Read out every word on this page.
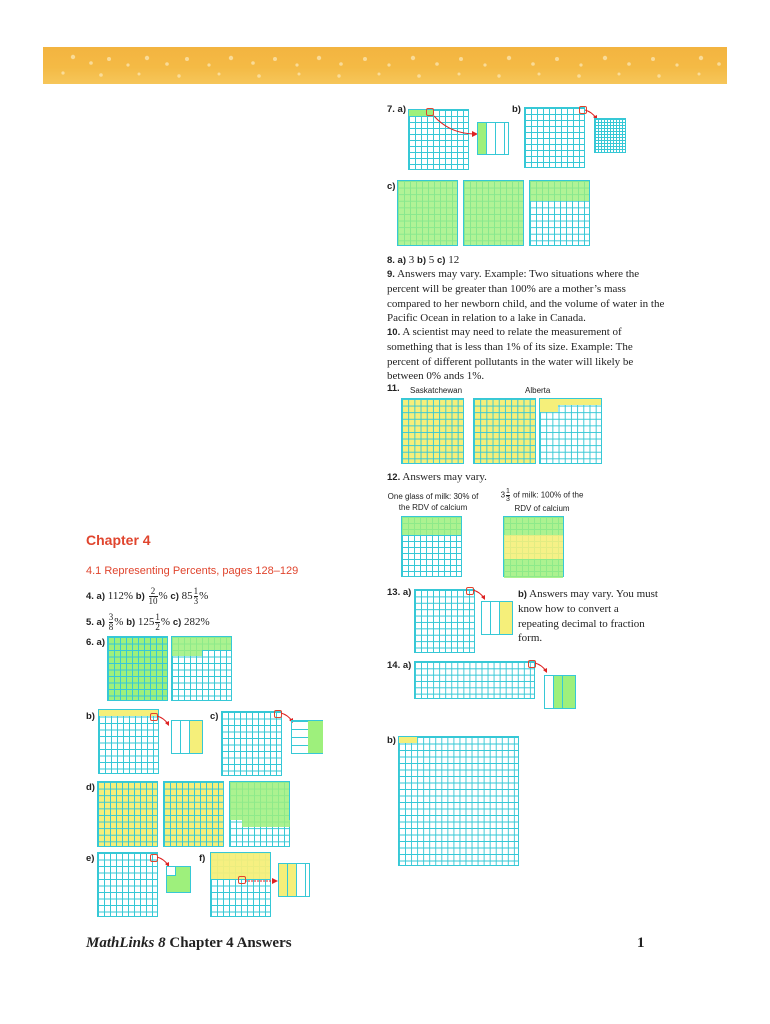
7. a)	b)
c)
8. a) 3 b) 5 c) 12
9. Answers may vary. Example: Two situations where the percent will be greater than 100% are a mother’s mass compared to her newborn child, and the volume of water in the Pacific Ocean in relation to a lake in Canada.
10. A scientist may need to relate the measurement of something that is less than 1% of its size. Example: The percent of different pollutants in the water will likely be between 0% ands 1%.
11. Saskatchewan	Alberta
12. Answers may vary.
One glass of milk: 30% of the RDV of calcium
$3 \frac{1}{3}$ of milk: 100% of the RDV of calcium
13. a)	b) Answers may vary. You must know how to convert a repeating decimal to fraction form.
14. a)
b)
Chapter 4
4.1 Representing Percents, pages 128–129
4. a) 112% $b) \frac{2}{10}$ % c) $85 \frac{1}{3}$ %
5. $a) \frac{3}{8}$ % b) $125 \frac{1}{2}$ % c) 282%
6. a)
b)	c)
d)
e)	f)
MathLinks 8 Chapter 4 Answers	1
